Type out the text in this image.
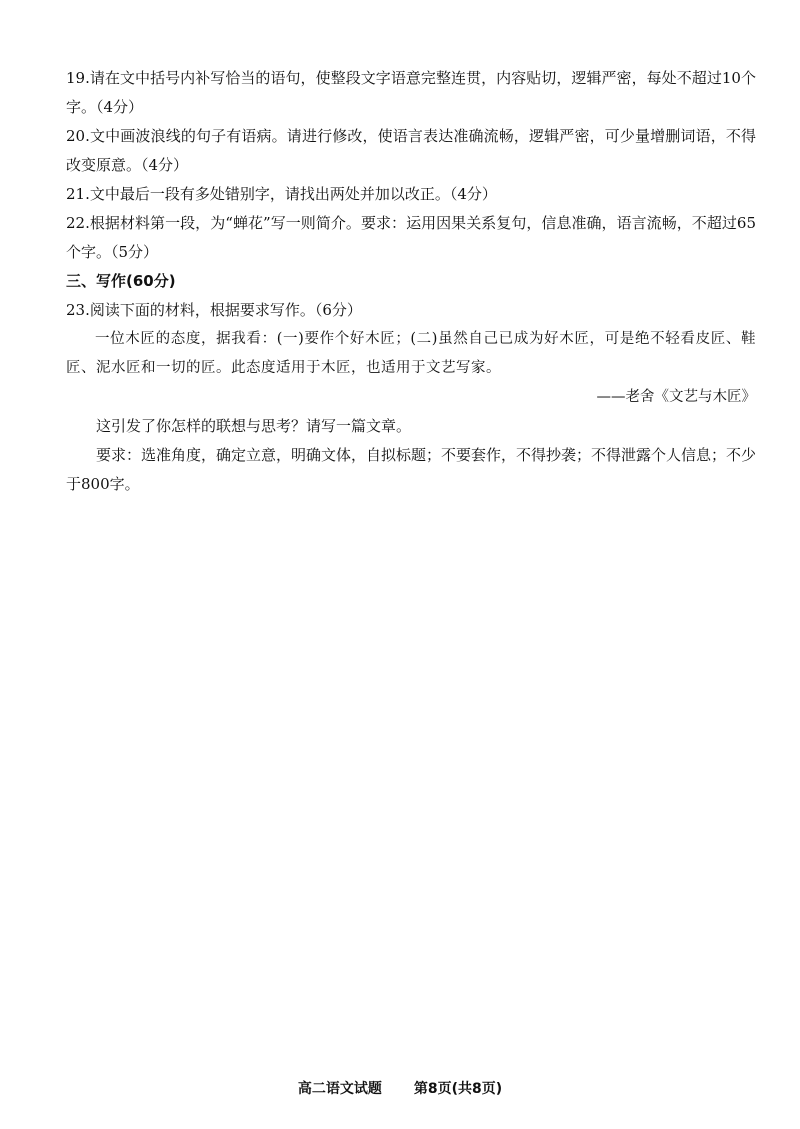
19.请在文中括号内补写恰当的语句，使整段文字语意完整连贯，内容贴切，逻辑严密，每处不超过10个字。（4分）

20.文中画波浪线的句子有语病。请进行修改，使语言表达准确流畅，逻辑严密，可少量增删词语，不得改变原意。（4分）

21.文中最后一段有多处错别字，请找出两处并加以改正。（4分）

22.根据材料第一段，为“蝉花”写一则简介。要求：运用因果关系复句，信息准确，语言流畅，不超过65个字。（5分）

三、写作(60分)

23.阅读下面的材料，根据要求写作。（6分）

一位木匠的态度，据我看：(一)要作个好木匠；(二)虽然自己已成为好木匠，可是绝不轻看皮匠、鞋匠、泥水匠和一切的匠。此态度适用于木匠，也适用于文艺写家。

——老舍《文艺与木匠》

这引发了你怎样的联想与思考？请写一篇文章。

要求：选准角度，确定立意，明确文体，自拟标题；不要套作，不得抄袭；不得泄露个人信息；不少于800字。

高二语文试题 第8页(共8页)
